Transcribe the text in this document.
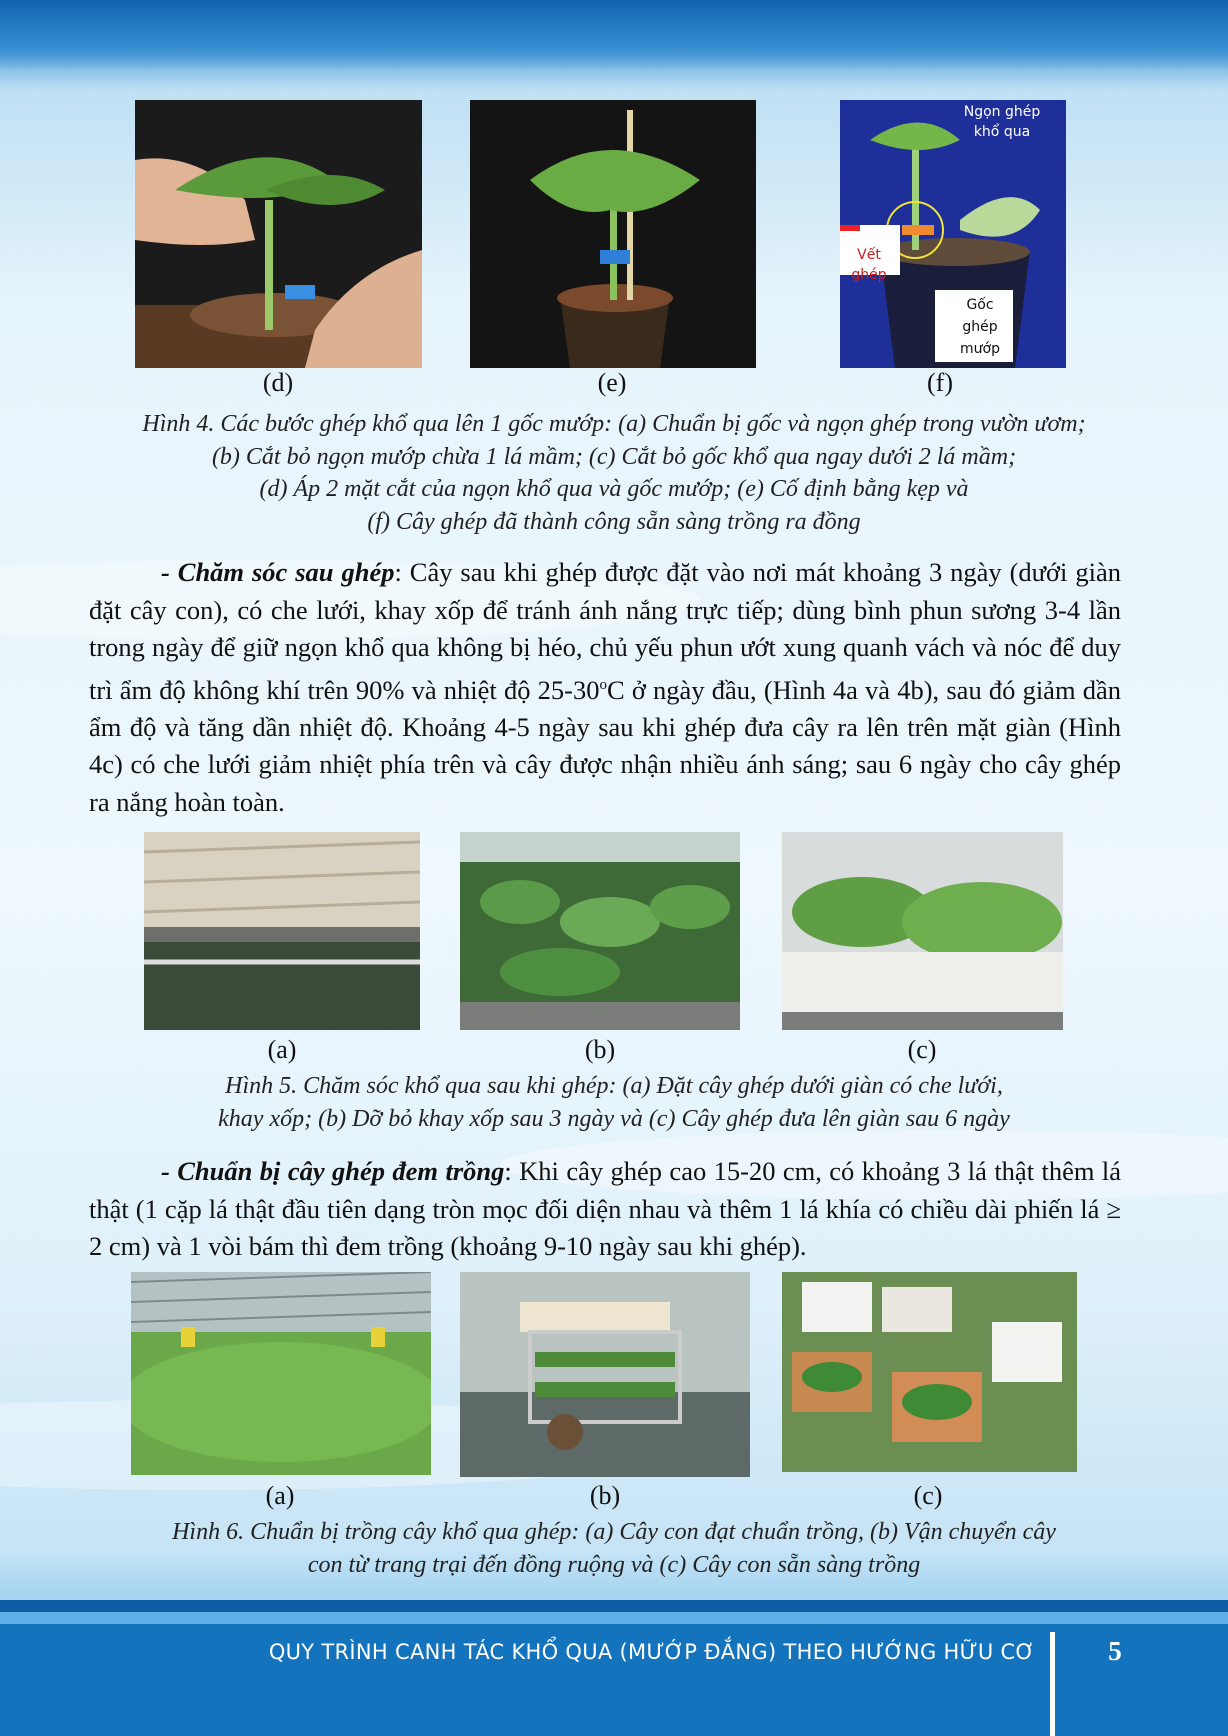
Ngọn ghép khổ qua
Vết ghép
Gốc ghép mướp
(d)	(e)	(f)
Hình 4. Các bước ghép khổ qua lên 1 gốc mướp: (a) Chuẩn bị gốc và ngọn ghép trong vườn ươm;
(b) Cắt bỏ ngọn mướp chừa 1 lá mầm; (c) Cắt bỏ gốc khổ qua ngay dưới 2 lá mầm;
(d) Áp 2 mặt cắt của ngọn khổ qua và gốc mướp; (e) Cố định bằng kẹp và
(f) Cây ghép đã thành công sẵn sàng trồng ra đồng
- Chăm sóc sau ghép: Cây sau khi ghép được đặt vào nơi mát khoảng 3 ngày (dưới giàn đặt cây con), có che lưới, khay xốp để tránh ánh nắng trực tiếp; dùng bình phun sương 3-4 lần trong ngày để giữ ngọn khổ qua không bị héo, chủ yếu phun ướt xung quanh vách và nóc để duy trì ẩm độ không khí trên 90% và nhiệt độ 25-30$^o$C ở ngày đầu, (Hình 4a và 4b), sau đó giảm dần ẩm độ và tăng dần nhiệt độ. Khoảng 4-5 ngày sau khi ghép đưa cây ra lên trên mặt giàn (Hình 4c) có che lưới giảm nhiệt phía trên và cây được nhận nhiều ánh sáng; sau 6 ngày cho cây ghép ra nắng hoàn toàn.
(a)	(b)	(c)
Hình 5. Chăm sóc khổ qua sau khi ghép: (a) Đặt cây ghép dưới giàn có che lưới,
khay xốp; (b) Dỡ bỏ khay xốp sau 3 ngày và (c) Cây ghép đưa lên giàn sau 6 ngày
- Chuẩn bị cây ghép đem trồng: Khi cây ghép cao 15-20 cm, có khoảng 3 lá thật thêm lá thật (1 cặp lá thật đầu tiên dạng tròn mọc đối diện nhau và thêm 1 lá khía có chiều dài phiến lá ≥ 2 cm) và 1 vòi bám thì đem trồng (khoảng 9-10 ngày sau khi ghép).
(a)	(b)	(c)
Hình 6. Chuẩn bị trồng cây khổ qua ghép: (a) Cây con đạt chuẩn trồng, (b) Vận chuyển cây
con từ trang trại đến đồng ruộng và (c) Cây con sẵn sàng trồng
QUY TRÌNH CANH TÁC KHỔ QUA (MƯỚP ĐẮNG) THEO HƯỚNG HỮU CƠ	5
